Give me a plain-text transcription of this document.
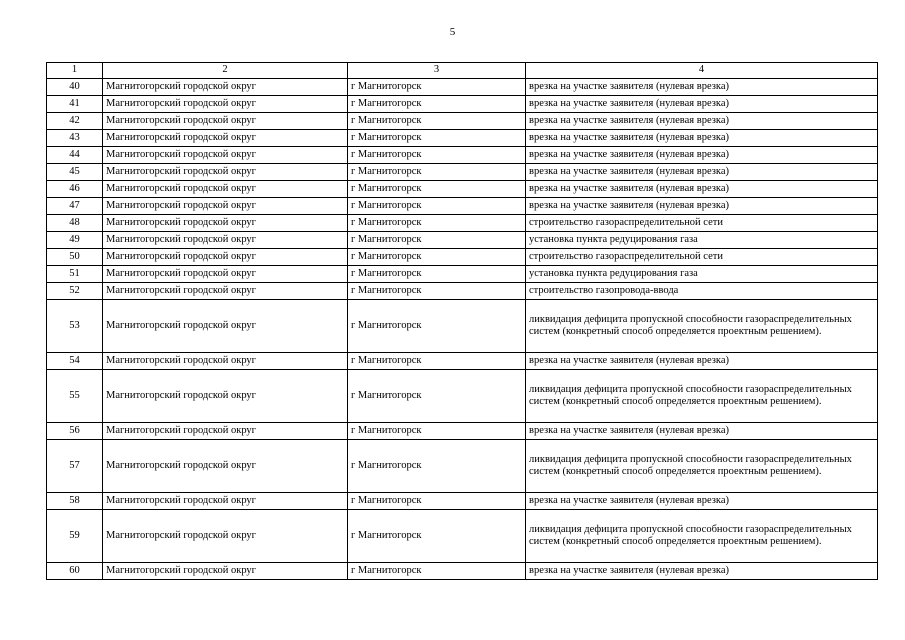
5
1	2	3	4
40	Магнитогорский городской округ	г Магнитогорск	врезка на участке заявителя (нулевая врезка)
41	Магнитогорский городской округ	г Магнитогорск	врезка на участке заявителя (нулевая врезка)
42	Магнитогорский городской округ	г Магнитогорск	врезка на участке заявителя (нулевая врезка)
43	Магнитогорский городской округ	г Магнитогорск	врезка на участке заявителя (нулевая врезка)
44	Магнитогорский городской округ	г Магнитогорск	врезка на участке заявителя (нулевая врезка)
45	Магнитогорский городской округ	г Магнитогорск	врезка на участке заявителя (нулевая врезка)
46	Магнитогорский городской округ	г Магнитогорск	врезка на участке заявителя (нулевая врезка)
47	Магнитогорский городской округ	г Магнитогорск	врезка на участке заявителя (нулевая врезка)
48	Магнитогорский городской округ	г Магнитогорск	строительство газораспределительной сети
49	Магнитогорский городской округ	г Магнитогорск	установка пункта редуцирования газа
50	Магнитогорский городской округ	г Магнитогорск	строительство газораспределительной сети
51	Магнитогорский городской округ	г Магнитогорск	установка пункта редуцирования газа
52	Магнитогорский городской округ	г Магнитогорск	строительство газопровода-ввода
53	Магнитогорский городской округ	г Магнитогорск	ликвидация дефицита пропускной способности газораспределительных систем (конкретный способ определяется проектным решением).
54	Магнитогорский городской округ	г Магнитогорск	врезка на участке заявителя (нулевая врезка)
55	Магнитогорский городской округ	г Магнитогорск	ликвидация дефицита пропускной способности газораспределительных систем (конкретный способ определяется проектным решением).
56	Магнитогорский городской округ	г Магнитогорск	врезка на участке заявителя (нулевая врезка)
57	Магнитогорский городской округ	г Магнитогорск	ликвидация дефицита пропускной способности газораспределительных систем (конкретный способ определяется проектным решением).
58	Магнитогорский городской округ	г Магнитогорск	врезка на участке заявителя (нулевая врезка)
59	Магнитогорский городской округ	г Магнитогорск	ликвидация дефицита пропускной способности газораспределительных систем (конкретный способ определяется проектным решением).
60	Магнитогорский городской округ	г Магнитогорск	врезка на участке заявителя (нулевая врезка)
